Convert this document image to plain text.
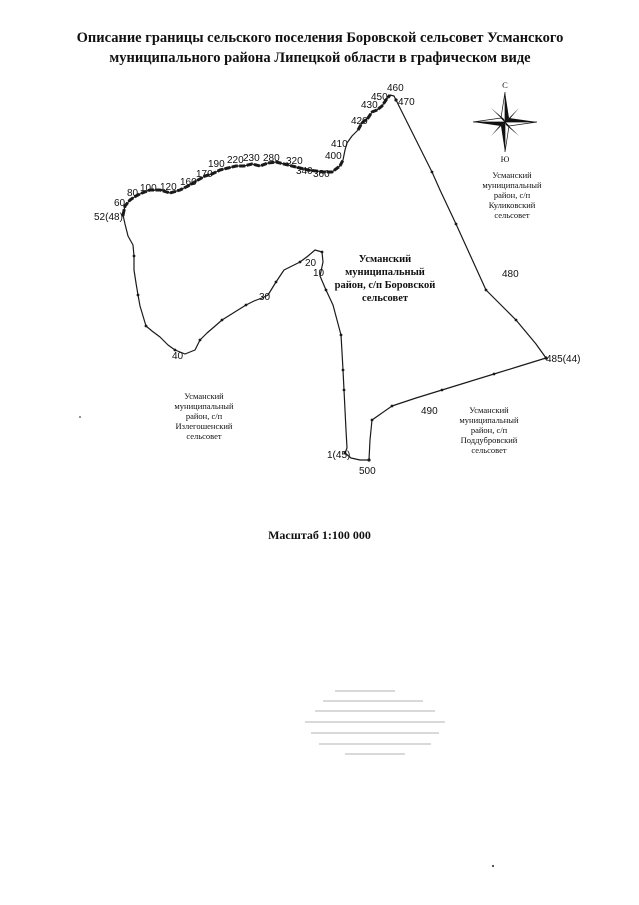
Описание границы сельского поселения Боровской сельсовет Усманского
муниципального района Липецкой области в графическом виде
1(45)
10
20
30
40
52(48)
60
80 100 120 160
170
190 220 230 280 320
340 360
400
410
420
430
450
460
470
480
485(44)
490
500
Усманский
муниципальный
район, с/п Боровской
сельсовет
Усманский
муниципальный
район, с/п
Куликовский
сельсовет
Усманский
муниципальный
район, с/п
Излегошенский
сельсовет
Усманский
муниципальный
район, с/п
Поддубровский
сельсовет
С
Ю
Масштаб 1:100 000
